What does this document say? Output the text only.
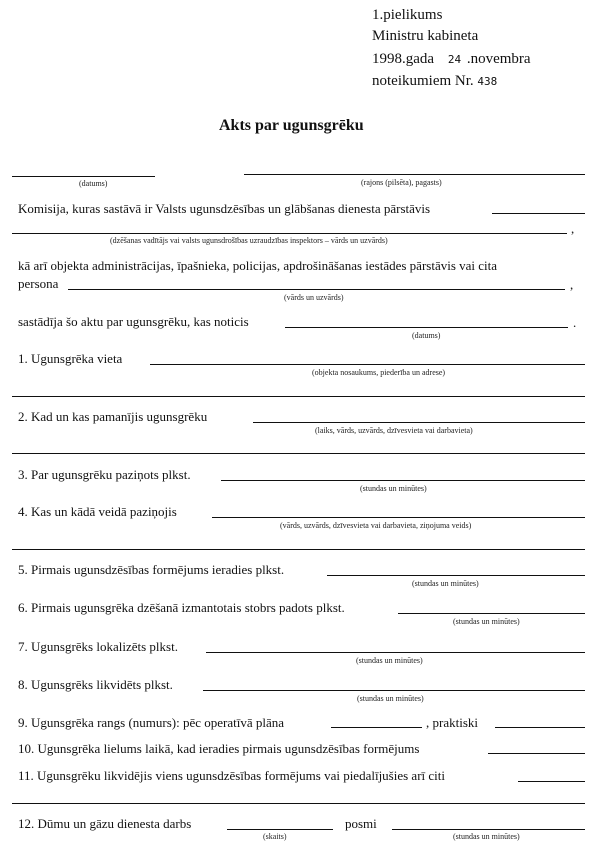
1.pielikums
Ministru kabineta
1998.gada 24 .novembra
noteikumiem Nr. 438
Akts par ugunsgrēku
(datums)	(rajons (pilsēta), pagasts)
Komisija, kuras sastāvā ir Valsts ugunsdzēsības un glābšanas dienesta pārstāvis
,
(dzēšanas vadītājs vai valsts ugunsdrošības uzraudzības inspektors – vārds un uzvārds)
kā arī objekta administrācijas, īpašnieka, policijas, apdrošināšanas iestādes pārstāvis vai cita
persona	,
(vārds un uzvārds)
sastādīja šo aktu par ugunsgrēku, kas noticis	.
(datums)
1. Ugunsgrēka vieta
(objekta nosaukums, piederība un adrese)
2. Kad un kas pamanījis ugunsgrēku
(laiks, vārds, uzvārds, dzīvesvieta vai darbavieta)
3. Par ugunsgrēku paziņots plkst.
(stundas un minūtes)
4. Kas un kādā veidā paziņojis
(vārds, uzvārds, dzīvesvieta vai darbavieta, ziņojuma veids)
5. Pirmais ugunsdzēsības formējums ieradies plkst.
(stundas un minūtes)
6. Pirmais ugunsgrēka dzēšanā izmantotais stobrs padots plkst.
(stundas un minūtes)
7. Ugunsgrēks lokalizēts plkst.
(stundas un minūtes)
8. Ugunsgrēks likvidēts plkst.
(stundas un minūtes)
9. Ugunsgrēka rangs (numurs): pēc operatīvā plāna	, praktiski
10. Ugunsgrēka lielums laikā, kad ieradies pirmais ugunsdzēsības formējums
11. Ugunsgrēku likvidējis viens ugunsdzēsības formējums vai piedalījušies arī citi
12. Dūmu un gāzu dienesta darbs
(skaits)
posmi
(stundas un minūtes)
